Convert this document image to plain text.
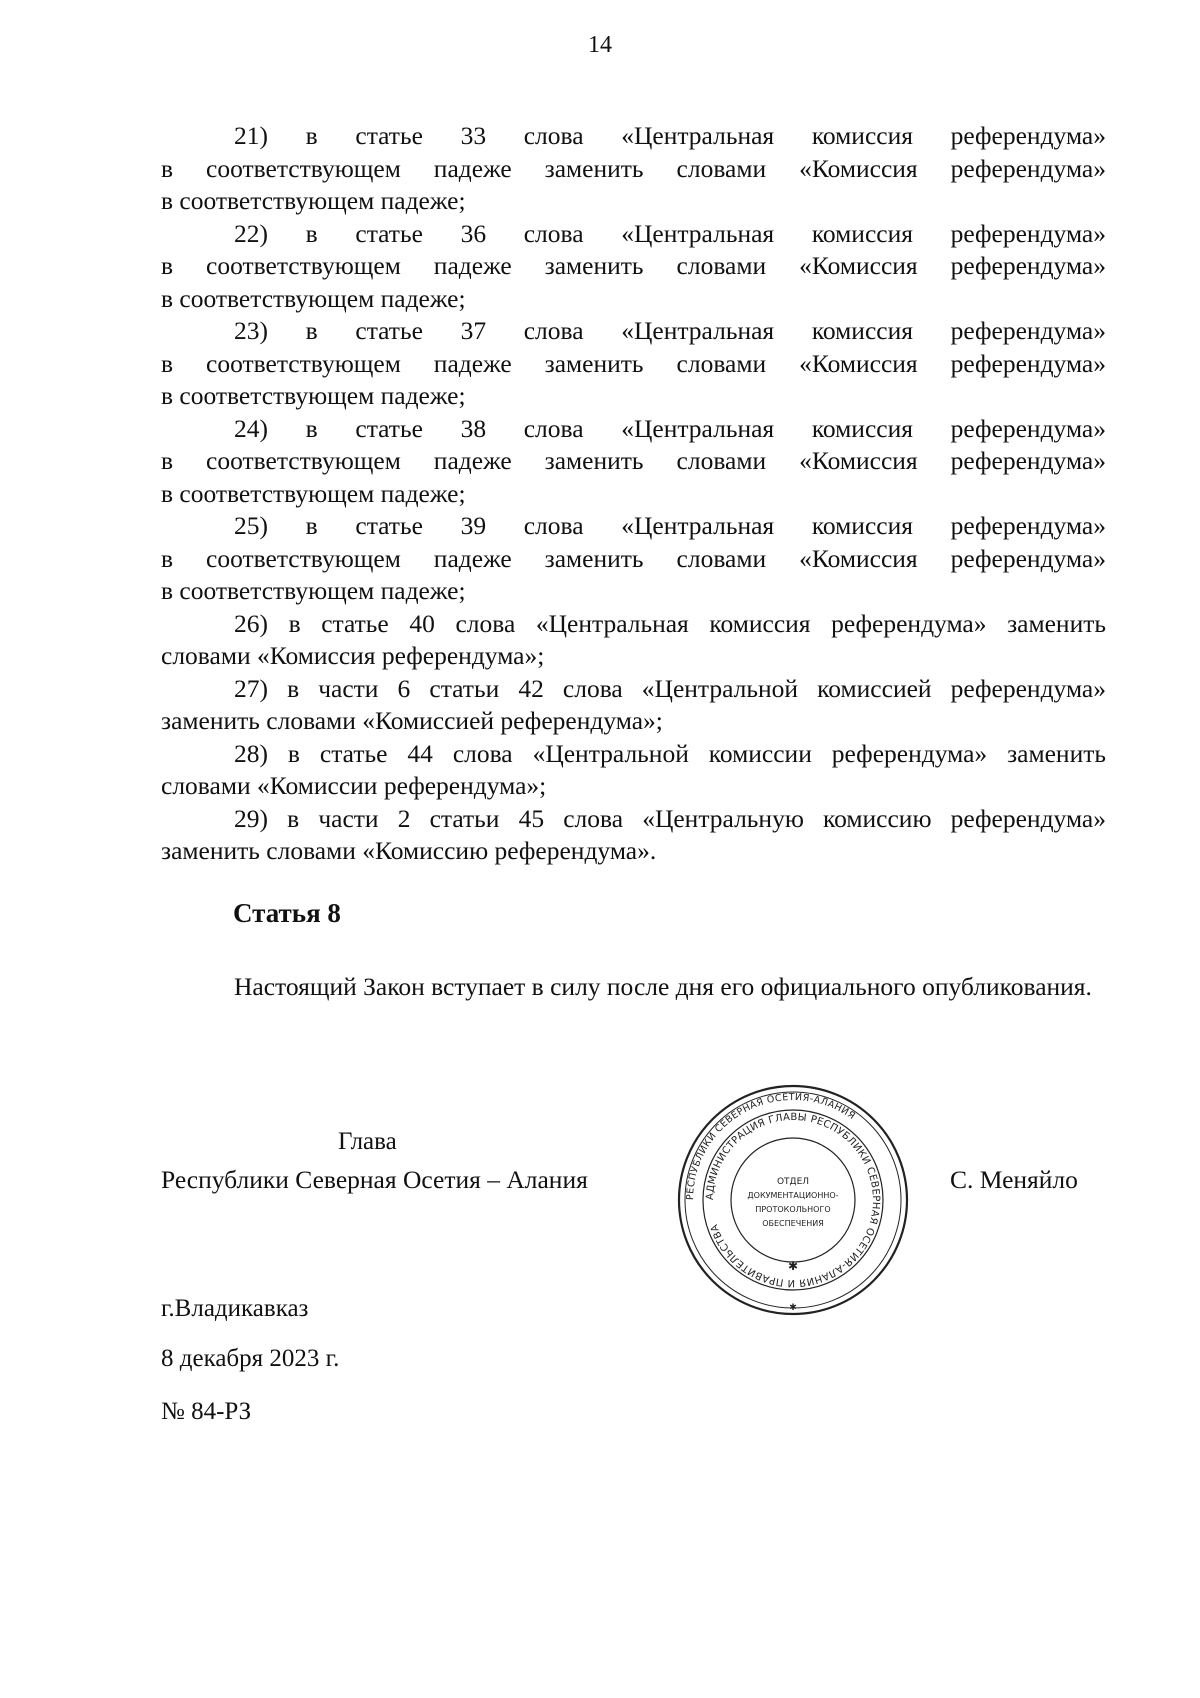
14
21) в статье 33 слова «Центральная комиссия референдума»
в соответствующем падеже заменить словами «Комиссия референдума»
в соответствующем падеже;
22) в статье 36 слова «Центральная комиссия референдума»
в соответствующем падеже заменить словами «Комиссия референдума»
в соответствующем падеже;
23) в статье 37 слова «Центральная комиссия референдума»
в соответствующем падеже заменить словами «Комиссия референдума»
в соответствующем падеже;
24) в статье 38 слова «Центральная комиссия референдума»
в соответствующем падеже заменить словами «Комиссия референдума»
в соответствующем падеже;
25) в статье 39 слова «Центральная комиссия референдума»
в соответствующем падеже заменить словами «Комиссия референдума»
в соответствующем падеже;
26) в статье 40 слова «Центральная комиссия референдума» заменить
словами «Комиссия референдума»;
27) в части 6 статьи 42 слова «Центральной комиссией референдума»
заменить словами «Комиссией референдума»;
28) в статье 44 слова «Центральной комиссии референдума» заменить
словами «Комиссии референдума»;
29) в части 2 статьи 45 слова «Центральную комиссию референдума»
заменить словами «Комиссию референдума».
Статья 8
Настоящий Закон вступает в силу после дня его официального опубликования.
Глава
Республики Северная Осетия – Алания	С. Меняйло
РЕСПУБЛИКИ СЕВЕРНАЯ ОСЕТИЯ-АЛАНИЯ
АДМИНИСТРАЦИЯ ГЛАВЫ РЕСПУБЛИКИ СЕВЕРНАЯ ОСЕТИЯ-АЛАНИЯ И ПРАВИТЕЛЬСТВА
ОТДЕЛ
ДОКУМЕНТАЦИОННО-
ПРОТОКОЛЬНОГО
ОБЕСПЕЧЕНИЯ
✱
✱
г.Владикавказ
8 декабря 2023 г.
№ 84-РЗ
